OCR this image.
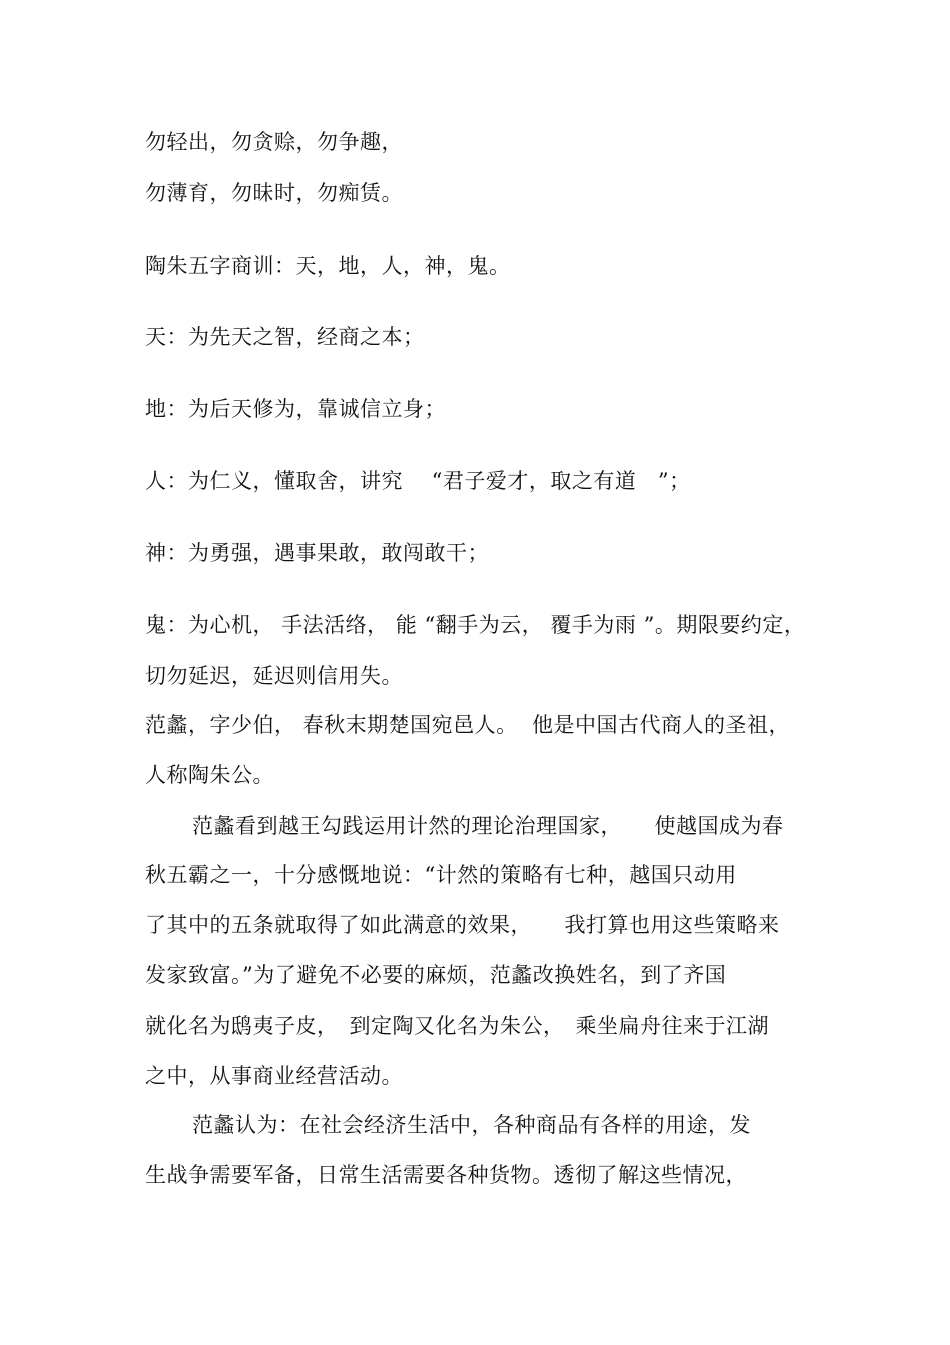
勿轻出，勿贪赊，勿争趣，
勿薄育，勿昧时，勿痴赁。
陶朱五字商训：天，地，人，神，鬼。
天：为先天之智，经商之本；
地：为后天修为，靠诚信立身；
人：为仁义，懂取舍，讲究　 “君子爱才，取之有道　”；
神：为勇强，遇事果敢，敢闯敢干；
鬼：为心机， 手法活络， 能 “翻手为云， 覆手为雨 ”。期限要约定，
切勿延迟，延迟则信用失。
范蠡，字少伯， 春秋末期楚国宛邑人。  他是中国古代商人的圣祖，
人称陶朱公。
范蠡看到越王勾践运用计然的理论治理国家，　　使越国成为春
秋五霸之一，十分感慨地说：“计然的策略有七种，越国只动用
了其中的五条就取得了如此满意的效果，　　我打算也用这些策略来
发家致富。”为了避免不必要的麻烦，范蠡改换姓名，到了齐国
就化名为鸱夷子皮，　到定陶又化名为朱公，　乘坐扁舟往来于江湖
之中，从事商业经营活动。
范蠡认为：在社会经济生活中，各种商品有各样的用途，发
生战争需要军备，日常生活需要各种货物。透彻了解这些情况，
